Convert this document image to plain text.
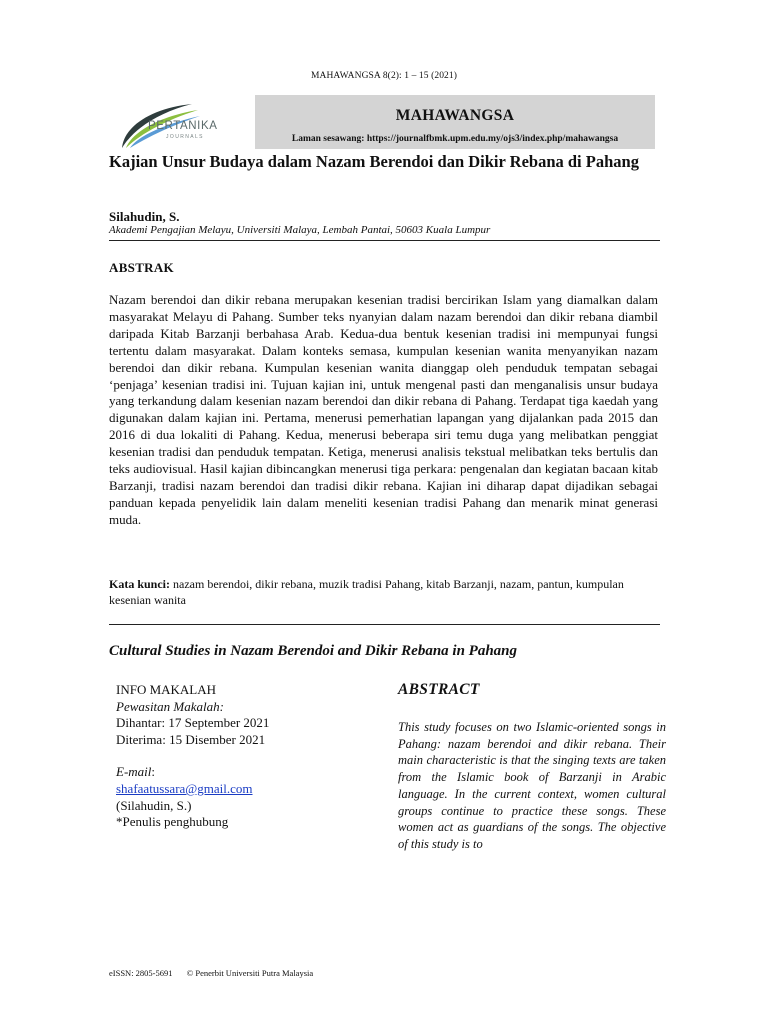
MAHAWANGSA 8(2): 1 – 15 (2021)
PERTANIKA
JOURNALS
MAHAWANGSA
Laman sesawang: https://journalfbmk.upm.edu.my/ojs3/index.php/mahawangsa
Kajian Unsur Budaya dalam Nazam Berendoi dan Dikir Rebana di Pahang
Silahudin, S.
Akademi Pengajian Melayu, Universiti Malaya, Lembah Pantai, 50603 Kuala Lumpur
ABSTRAK
Nazam berendoi dan dikir rebana merupakan kesenian tradisi bercirikan Islam yang diamalkan dalam masyarakat Melayu di Pahang. Sumber teks nyanyian dalam nazam berendoi dan dikir rebana diambil daripada Kitab Barzanji berbahasa Arab. Kedua-dua bentuk kesenian tradisi ini mempunyai fungsi tertentu dalam masyarakat. Dalam konteks semasa, kumpulan kesenian wanita menyanyikan nazam berendoi dan dikir rebana. Kumpulan kesenian wanita dianggap oleh penduduk tempatan sebagai ‘penjaga’ kesenian tradisi ini. Tujuan kajian ini, untuk mengenal pasti dan menganalisis unsur budaya yang terkandung dalam kesenian nazam berendoi dan dikir rebana di Pahang. Terdapat tiga kaedah yang digunakan dalam kajian ini. Pertama, menerusi pemerhatian lapangan yang dijalankan pada 2015 dan 2016 di dua lokaliti di Pahang. Kedua, menerusi beberapa siri temu duga yang melibatkan penggiat kesenian tradisi dan penduduk tempatan. Ketiga, menerusi analisis tekstual melibatkan teks bertulis dan teks audiovisual. Hasil kajian dibincangkan menerusi tiga perkara: pengenalan dan kegiatan bacaan kitab Barzanji, tradisi nazam berendoi dan tradisi dikir rebana. Kajian ini diharap dapat dijadikan sebagai panduan kepada penyelidik lain dalam meneliti kesenian tradisi Pahang dan menarik minat generasi muda.
Kata kunci: nazam berendoi, dikir rebana, muzik tradisi Pahang, kitab Barzanji, nazam, pantun, kumpulan kesenian wanita
Cultural Studies in Nazam Berendoi and Dikir Rebana in Pahang
INFO MAKALAH
Pewasitan Makalah:
Dihantar: 17 September 2021
Diterima: 15 Disember 2021
E-mail:
shafaatussara@gmail.com
(Silahudin, S.)
*Penulis penghubung
ABSTRACT
This study focuses on two Islamic-oriented songs in Pahang: nazam berendoi and dikir rebana. Their main characteristic is that the singing texts are taken from the Islamic book of Barzanji in Arabic language. In the current context, women cultural groups continue to practice these songs. These women act as guardians of the songs. The objective of this study is to
eISSN: 2805-5691 © Penerbit Universiti Putra Malaysia
